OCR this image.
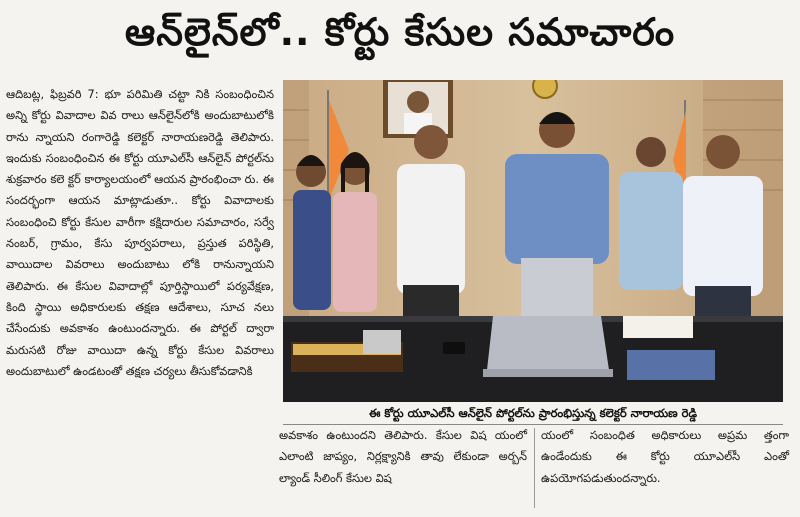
ఆన్‌లైన్‌లో.. కోర్టు కేసుల సమాచారం

ఆదిబట్ల, ఫిబ్రవరి 7: భూ పరిమితి చట్టా నికి సంబంధించిన అన్ని కోర్టు వివాదాల వివ రాలు ఆన్‌లైన్‌లోకి అందుబాటులోకి రాను న్నాయని రంగారెడ్డి కలెక్టర్ నారాయణరెడ్డి తెలిపారు. ఇందుకు సంబంధించిన ఈ కోర్టు యూఎల్‌సీ ఆన్‌లైన్ పోర్టల్‌ను శుక్రవారం కలె క్టర్ కార్యాలయంలో ఆయన ప్రారంభించా రు. ఈ సందర్భంగా ఆయన మాట్లాడుతూ.. కోర్టు వివాదాలకు సంబంధించి కోర్టు కేసుల వారీగా కక్షిదారుల సమాచారం, సర్వే నంబర్, గ్రామం, కేసు పూర్వపరాలు, ప్రస్తుత పరిస్థితి, వాయిదాల వివరాలు అందుబాటు లోకి రానున్నాయని తెలిపారు. ఈ కేసుల వివాదాల్లో పూర్తిస్థాయిలో పర్యవేక్షణ, కింది స్థాయి అధికారులకు తక్షణ ఆదేశాలు, సూచ నలు చేసేందుకు అవకాశం ఉంటుందన్నారు. ఈ పోర్టల్ ద్వారా మరుసటి రోజు వాయిదా ఉన్న కోర్టు కేసుల వివరాలు అందుబాటులో ఉండటంతో తక్షణ చర్యలు తీసుకోవడానికి

ఈ కోర్టు యూఎల్‌సీ ఆన్‌లైన్ పోర్టల్‌ను ప్రారంభిస్తున్న కలెక్టర్ నారాయణ రెడ్డి

అవకాశం ఉంటుందని తెలిపారు. కేసుల విష యంలో ఎలాంటి జాప్యం, నిర్లక్ష్యానికి తావు లేకుండా అర్బన్ ల్యాండ్ సీలింగ్ కేసుల విష

యంలో సంబంధిత అధికారులు అప్రమ త్తంగా ఉండేందుకు ఈ కోర్టు యూఎల్‌సీ ఎంతో ఉపయోగపడుతుందన్నారు.
